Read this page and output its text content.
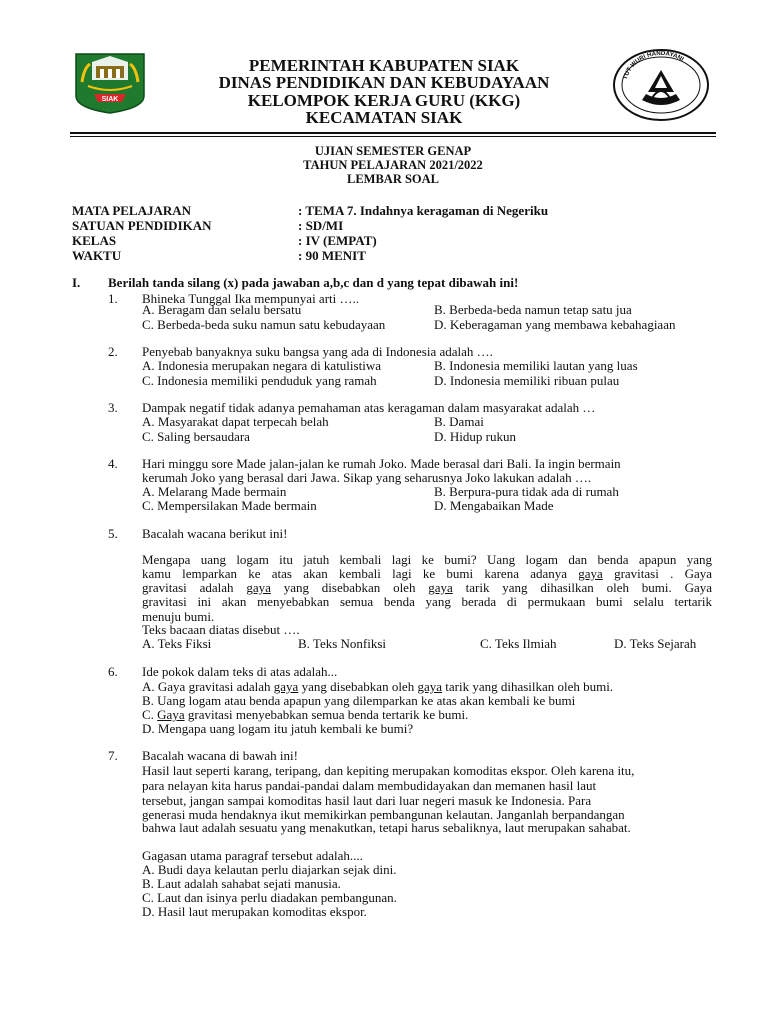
SIAK
TUT WURI HANDAYANI
PEMERINTAH KABUPATEN SIAK
DINAS PENDIDIKAN DAN KEBUDAYAAN
KELOMPOK KERJA GURU (KKG)
KECAMATAN SIAK
UJIAN SEMESTER GENAP
TAHUN PELAJARAN 2021/2022
LEMBAR SOAL
MATA PELAJARAN	: TEMA 7. Indahnya keragaman di Negeriku
SATUAN PENDIDIKAN	: SD/MI
KELAS	: IV (EMPAT)
WAKTU	: 90 MENIT
I. Berilah tanda silang (x) pada jawaban a,b,c dan d yang tepat dibawah ini!
1. Bhineka Tunggal Ika mempunyai arti …..
A. Beragam dan selalu bersatu	B. Berbeda-beda namun tetap satu jua
C. Berbeda-beda suku namun satu kebudayaan	D. Keberagaman yang membawa kebahagiaan
2. Penyebab banyaknya suku bangsa yang ada di Indonesia adalah ….
A. Indonesia merupakan negara di katulistiwa	B. Indonesia memiliki lautan yang luas
C. Indonesia memiliki penduduk yang ramah	D. Indonesia memiliki ribuan pulau
3. Dampak negatif tidak adanya pemahaman atas keragaman dalam masyarakat adalah …
A. Masyarakat dapat terpecah belah	B. Damai
C. Saling bersaudara	D. Hidup rukun
4. Hari minggu sore Made jalan-jalan ke rumah Joko. Made berasal dari Bali. Ia ingin bermain
kerumah Joko yang berasal dari Jawa. Sikap yang seharusnya Joko lakukan adalah ….
A. Melarang Made bermain	B. Berpura-pura tidak ada di rumah
C. Mempersilakan Made bermain	D. Mengabaikan Made
5. Bacalah wacana berikut ini!
Mengapa uang logam itu jatuh kembali lagi ke bumi? Uang logam dan benda apapun yang
kamu lemparkan ke atas akan kembali lagi ke bumi karena adanya gaya gravitasi . Gaya
gravitasi adalah gaya yang disebabkan oleh gaya tarik yang dihasilkan oleh bumi. Gaya
gravitasi ini akan menyebabkan semua benda yang berada di permukaan bumi selalu tertarik
menuju bumi.
Teks bacaan diatas disebut ….
A. Teks Fiksi	B. Teks Nonfiksi	C. Teks Ilmiah	D. Teks Sejarah
6. Ide pokok dalam teks di atas adalah...
A. Gaya gravitasi adalah gaya yang disebabkan oleh gaya tarik yang dihasilkan oleh bumi.
B. Uang logam atau benda apapun yang dilemparkan ke atas akan kembali ke bumi
C. Gaya gravitasi menyebabkan semua benda tertarik ke bumi.
D. Mengapa uang logam itu jatuh kembali ke bumi?
7. Bacalah wacana di bawah ini!
Hasil laut seperti karang, teripang, dan kepiting merupakan komoditas ekspor. Oleh karena itu,
para nelayan kita harus pandai-pandai dalam membudidayakan dan memanen hasil laut
tersebut, jangan sampai komoditas hasil laut dari luar negeri masuk ke Indonesia. Para
generasi muda hendaknya ikut memikirkan pembangunan kelautan. Janganlah berpandangan
bahwa laut adalah sesuatu yang menakutkan, tetapi harus sebaliknya, laut merupakan sahabat.
Gagasan utama paragraf tersebut adalah....
A. Budi daya kelautan perlu diajarkan sejak dini.
B. Laut adalah sahabat sejati manusia.
C. Laut dan isinya perlu diadakan pembangunan.
D. Hasil laut merupakan komoditas ekspor.
